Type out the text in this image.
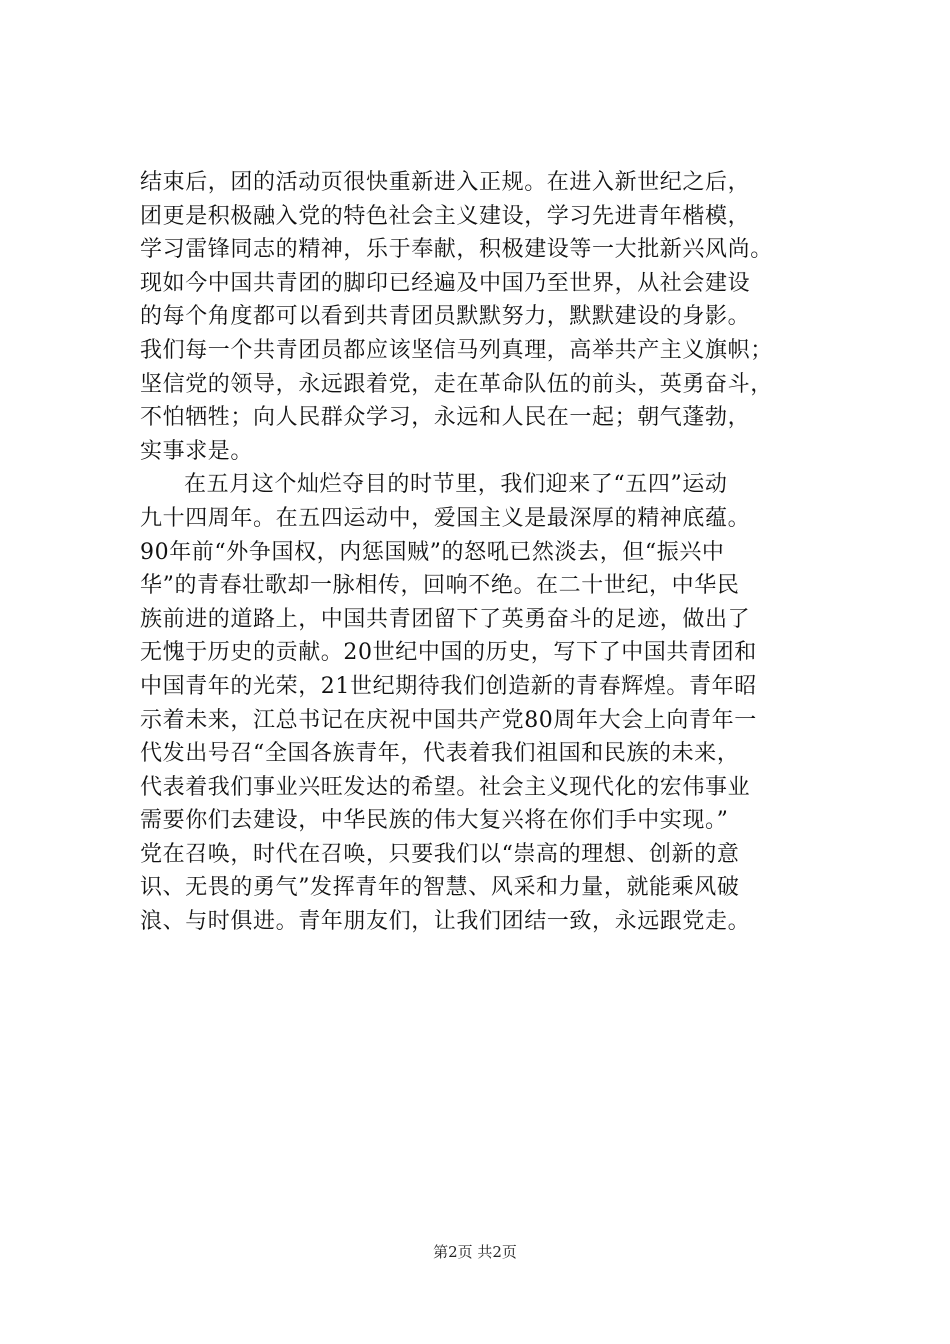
结束后，团的活动页很快重新进入正规。在进入新世纪之后，
团更是积极融入党的特色社会主义建设，学习先进青年楷模，
学习雷锋同志的精神，乐于奉献，积极建设等一大批新兴风尚。
现如今中国共青团的脚印已经遍及中国乃至世界，从社会建设
的每个角度都可以看到共青团员默默努力，默默建设的身影。
我们每一个共青团员都应该坚信马列真理，高举共产主义旗帜；
坚信党的领导，永远跟着党，走在革命队伍的前头，英勇奋斗，
不怕牺牲；向人民群众学习，永远和人民在一起；朝气蓬勃，
实事求是。
在五月这个灿烂夺目的时节里，我们迎来了“五四”运动
九十四周年。在五四运动中，爱国主义是最深厚的精神底蕴。
90年前“外争国权，内惩国贼”的怒吼已然淡去，但“振兴中
华”的青春壮歌却一脉相传，回响不绝。在二十世纪，中华民
族前进的道路上，中国共青团留下了英勇奋斗的足迹，做出了
无愧于历史的贡献。20世纪中国的历史，写下了中国共青团和
中国青年的光荣，21世纪期待我们创造新的青春辉煌。青年昭
示着未来，江总书记在庆祝中国共产党80周年大会上向青年一
代发出号召“全国各族青年，代表着我们祖国和民族的未来，
代表着我们事业兴旺发达的希望。社会主义现代化的宏伟事业
需要你们去建设，中华民族的伟大复兴将在你们手中实现。”
党在召唤，时代在召唤，只要我们以“崇高的理想、创新的意
识、无畏的勇气”发挥青年的智慧、风采和力量，就能乘风破
浪、与时俱进。青年朋友们，让我们团结一致，永远跟党走。
第2页 共2页
